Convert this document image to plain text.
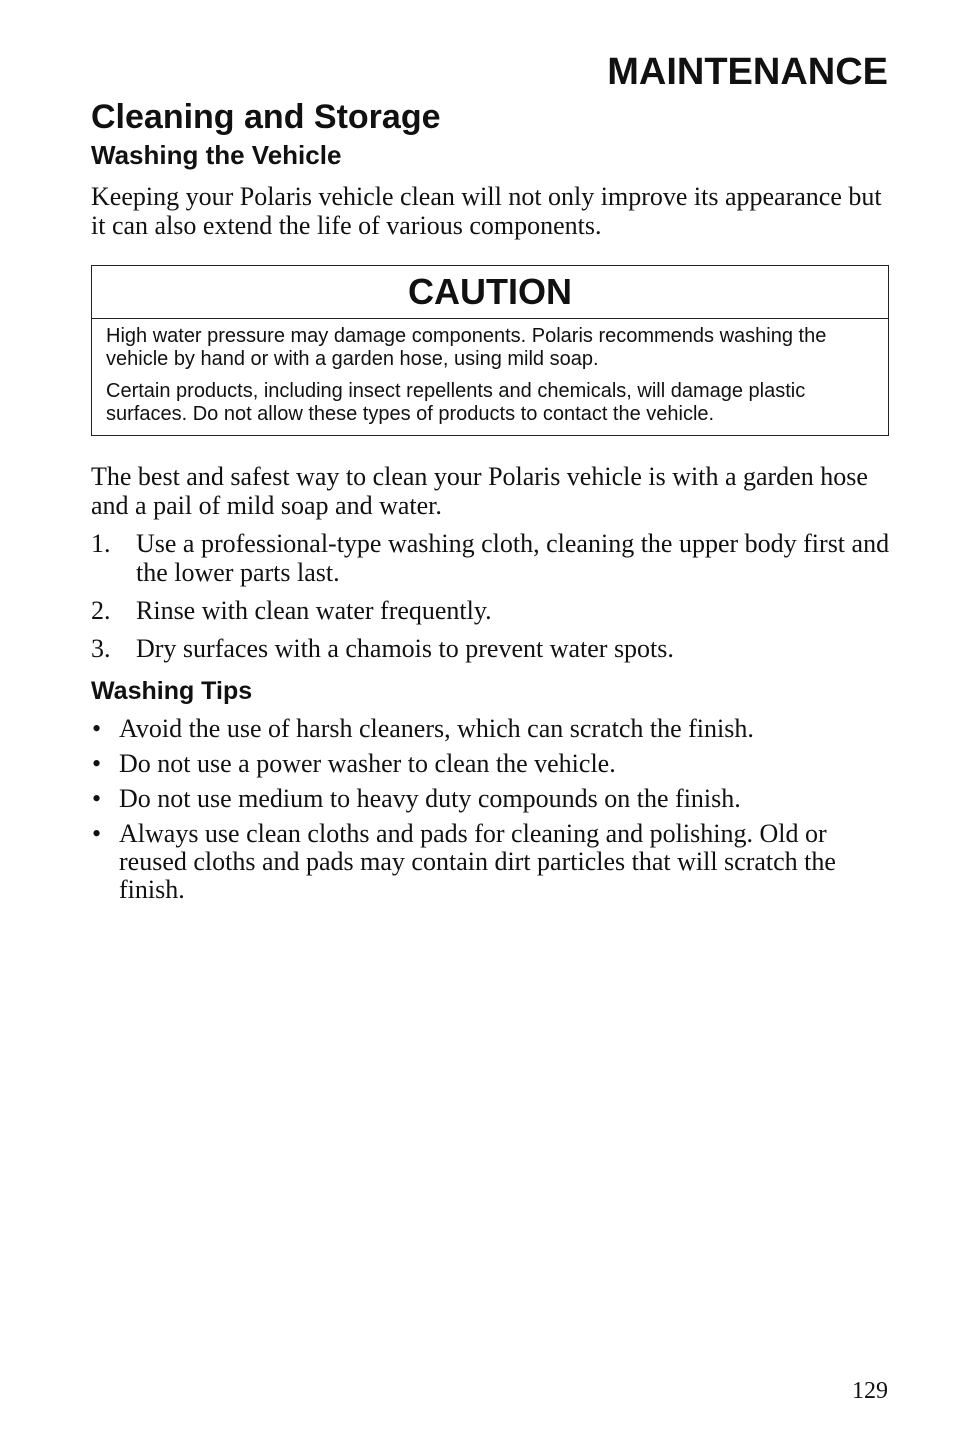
MAINTENANCE
Cleaning and Storage
Washing the Vehicle

Keeping your Polaris vehicle clean will not only improve its appearance but it can also extend the life of various components.

CAUTION

High water pressure may damage components. Polaris recommends washing the vehicle by hand or with a garden hose, using mild soap.

Certain products, including insect repellents and chemicals, will damage plastic surfaces. Do not allow these types of products to contact the vehicle.

The best and safest way to clean your Polaris vehicle is with a garden hose and a pail of mild soap and water.

1. Use a professional-type washing cloth, cleaning the upper body first and the lower parts last.
2. Rinse with clean water frequently.
3. Dry surfaces with a chamois to prevent water spots.
Washing Tips
• Avoid the use of harsh cleaners, which can scratch the finish.
• Do not use a power washer to clean the vehicle.
• Do not use medium to heavy duty compounds on the finish.
• Always use clean cloths and pads for cleaning and polishing. Old or reused cloths and pads may contain dirt particles that will scratch the finish.

129
